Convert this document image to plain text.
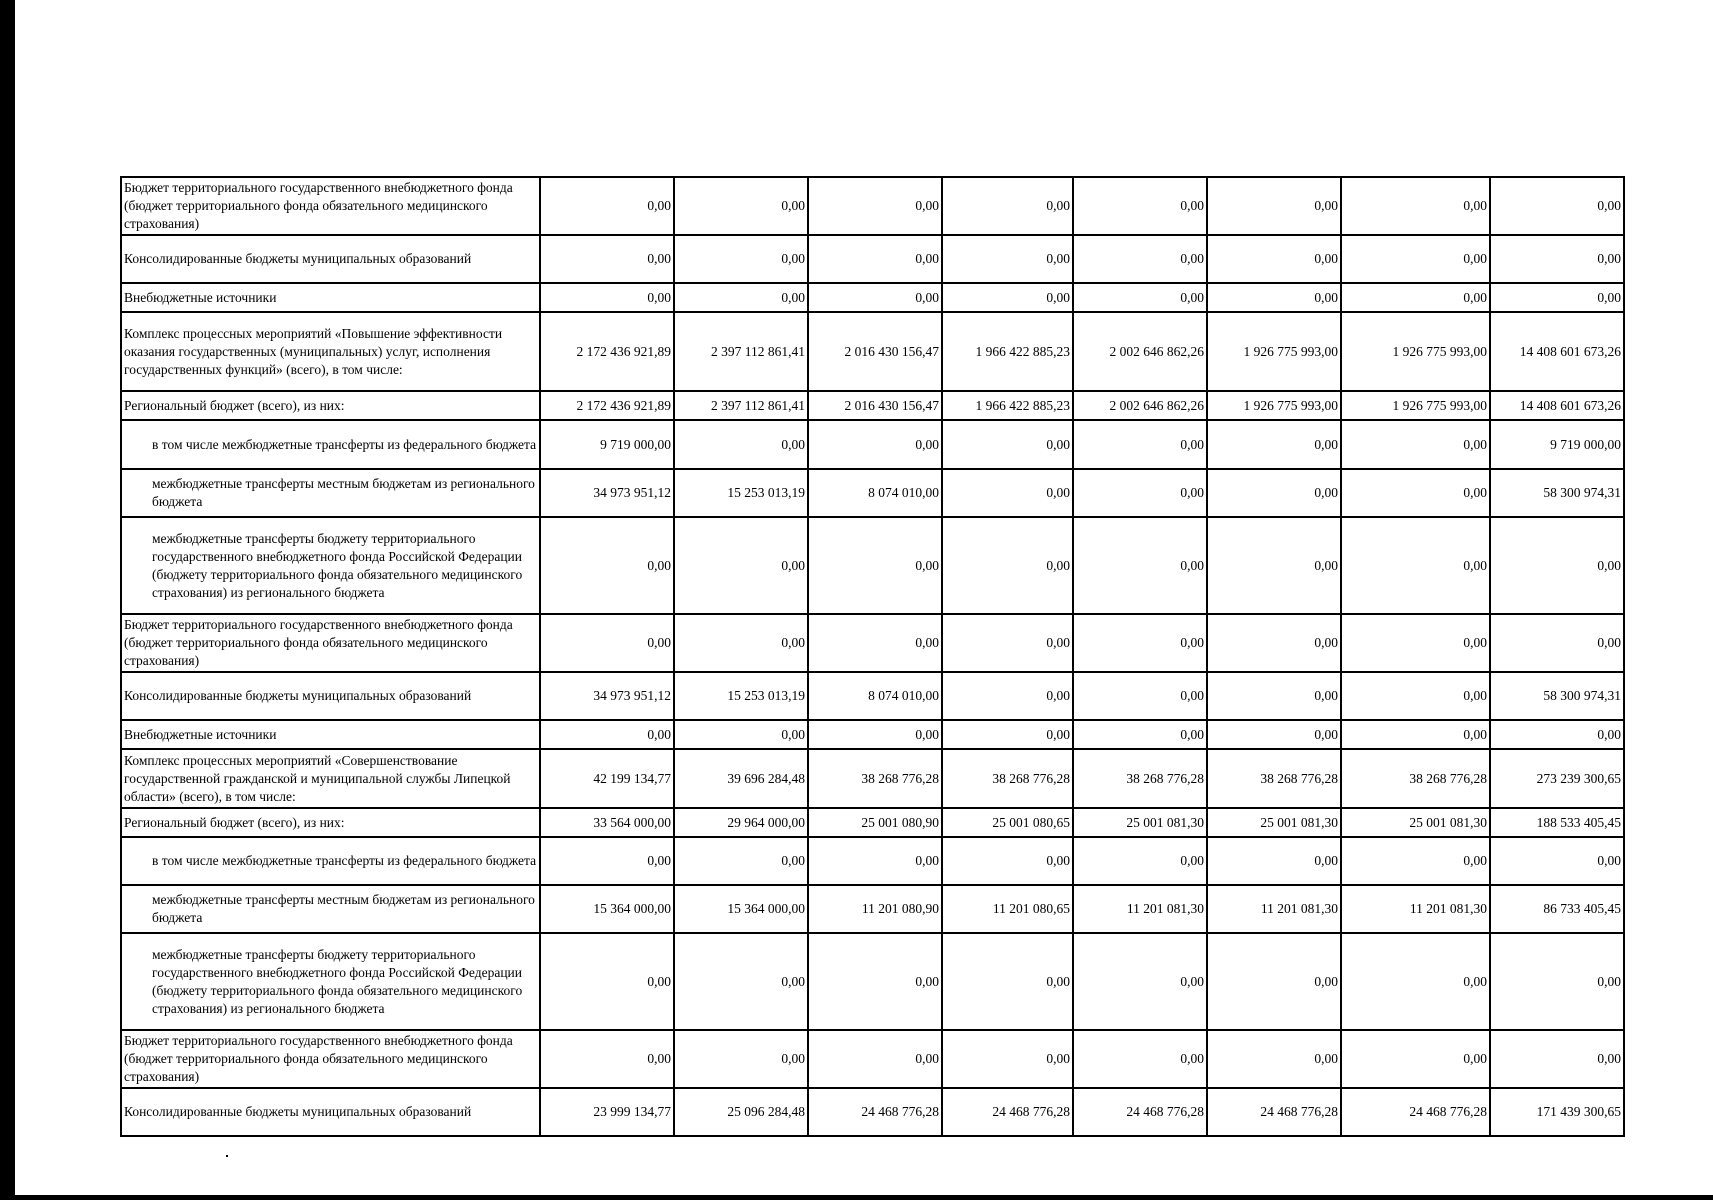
Бюджет территориального государственного внебюджетного фонда (бюджет территориального фонда обязательного медицинского страхования)	0,00	0,00	0,00	0,00	0,00	0,00	0,00	0,00
Консолидированные бюджеты муниципальных образований	0,00	0,00	0,00	0,00	0,00	0,00	0,00	0,00
Внебюджетные источники	0,00	0,00	0,00	0,00	0,00	0,00	0,00	0,00
Комплекс процессных мероприятий «Повышение эффективности оказания государственных (муниципальных) услуг, исполнения государственных функций» (всего), в том числе:	2 172 436 921,89	2 397 112 861,41	2 016 430 156,47	1 966 422 885,23	2 002 646 862,26	1 926 775 993,00	1 926 775 993,00	14 408 601 673,26
Региональный бюджет (всего), из них:	2 172 436 921,89	2 397 112 861,41	2 016 430 156,47	1 966 422 885,23	2 002 646 862,26	1 926 775 993,00	1 926 775 993,00	14 408 601 673,26
в том числе межбюджетные трансферты из федерального бюджета	9 719 000,00	0,00	0,00	0,00	0,00	0,00	0,00	9 719 000,00
межбюджетные трансферты местным бюджетам из регионального бюджета	34 973 951,12	15 253 013,19	8 074 010,00	0,00	0,00	0,00	0,00	58 300 974,31
межбюджетные трансферты бюджету территориального государственного внебюджетного фонда Российской Федерации (бюджету территориального фонда обязательного медицинского страхования) из регионального бюджета	0,00	0,00	0,00	0,00	0,00	0,00	0,00	0,00
Бюджет территориального государственного внебюджетного фонда (бюджет территориального фонда обязательного медицинского страхования)	0,00	0,00	0,00	0,00	0,00	0,00	0,00	0,00
Консолидированные бюджеты муниципальных образований	34 973 951,12	15 253 013,19	8 074 010,00	0,00	0,00	0,00	0,00	58 300 974,31
Внебюджетные источники	0,00	0,00	0,00	0,00	0,00	0,00	0,00	0,00
Комплекс процессных мероприятий «Совершенствование государственной гражданской и муниципальной службы Липецкой области» (всего), в том числе:	42 199 134,77	39 696 284,48	38 268 776,28	38 268 776,28	38 268 776,28	38 268 776,28	38 268 776,28	273 239 300,65
Региональный бюджет (всего), из них:	33 564 000,00	29 964 000,00	25 001 080,90	25 001 080,65	25 001 081,30	25 001 081,30	25 001 081,30	188 533 405,45
в том числе межбюджетные трансферты из федерального бюджета	0,00	0,00	0,00	0,00	0,00	0,00	0,00	0,00
межбюджетные трансферты местным бюджетам из регионального бюджета	15 364 000,00	15 364 000,00	11 201 080,90	11 201 080,65	11 201 081,30	11 201 081,30	11 201 081,30	86 733 405,45
межбюджетные трансферты бюджету территориального государственного внебюджетного фонда Российской Федерации (бюджету территориального фонда обязательного медицинского страхования) из регионального бюджета	0,00	0,00	0,00	0,00	0,00	0,00	0,00	0,00
Бюджет территориального государственного внебюджетного фонда (бюджет территориального фонда обязательного медицинского страхования)	0,00	0,00	0,00	0,00	0,00	0,00	0,00	0,00
Консолидированные бюджеты муниципальных образований	23 999 134,77	25 096 284,48	24 468 776,28	24 468 776,28	24 468 776,28	24 468 776,28	24 468 776,28	171 439 300,65
